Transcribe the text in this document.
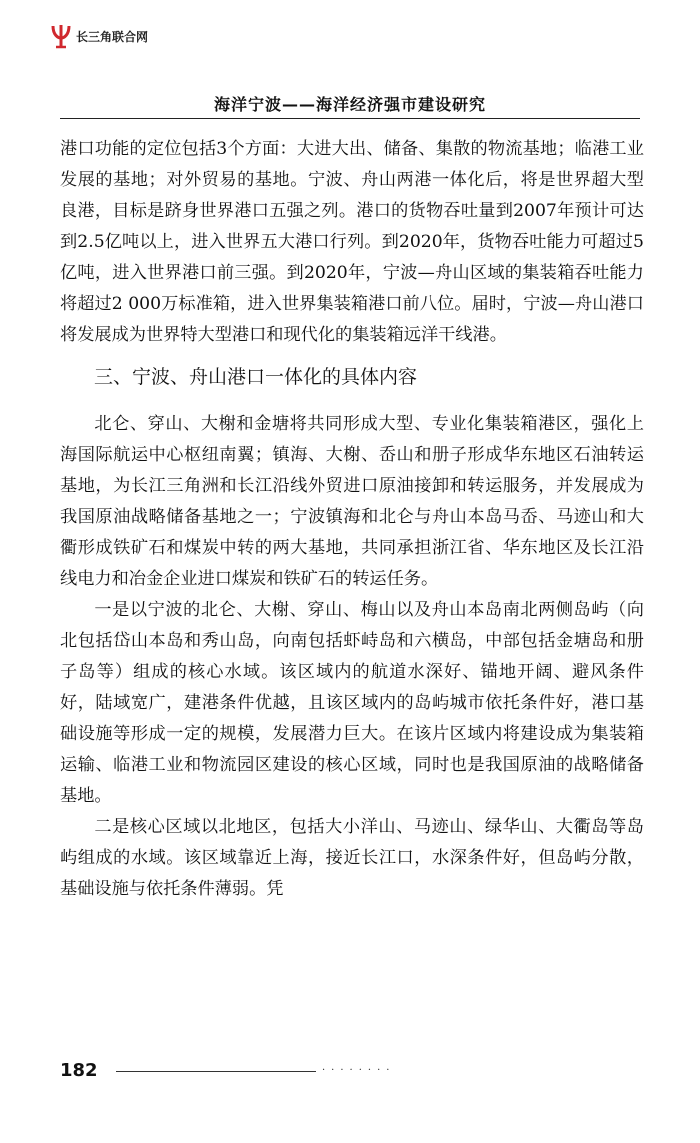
长三角联合网
海洋宁波——海洋经济强市建设研究

港口功能的定位包括3个方面：大进大出、储备、集散的物流基地；临港工业发展的基地；对外贸易的基地。宁波、舟山两港一体化后，将是世界超大型良港，目标是跻身世界港口五强之列。港口的货物吞吐量到2007年预计可达到2.5亿吨以上，进入世界五大港口行列。到2020年，货物吞吐能力可超过5亿吨，进入世界港口前三强。到2020年，宁波—舟山区域的集装箱吞吐能力将超过2 000万标准箱，进入世界集装箱港口前八位。届时，宁波—舟山港口将发展成为世界特大型港口和现代化的集装箱远洋干线港。

三、宁波、舟山港口一体化的具体内容

北仑、穿山、大榭和金塘将共同形成大型、专业化集装箱港区，强化上海国际航运中心枢纽南翼；镇海、大榭、岙山和册子形成华东地区石油转运基地，为长江三角洲和长江沿线外贸进口原油接卸和转运服务，并发展成为我国原油战略储备基地之一；宁波镇海和北仑与舟山本岛马岙、马迹山和大衢形成铁矿石和煤炭中转的两大基地，共同承担浙江省、华东地区及长江沿线电力和冶金企业进口煤炭和铁矿石的转运任务。

一是以宁波的北仑、大榭、穿山、梅山以及舟山本岛南北两侧岛屿（向北包括岱山本岛和秀山岛，向南包括虾峙岛和六横岛，中部包括金塘岛和册子岛等）组成的核心水域。该区域内的航道水深好、锚地开阔、避风条件好，陆域宽广，建港条件优越，且该区域内的岛屿城市依托条件好，港口基础设施等形成一定的规模，发展潜力巨大。在该片区域内将建设成为集装箱运输、临港工业和物流园区建设的核心区域，同时也是我国原油的战略储备基地。

二是核心区域以北地区，包括大小洋山、马迹山、绿华山、大衢岛等岛屿组成的水域。该区域靠近上海，接近长江口，水深条件好，但岛屿分散，基础设施与依托条件薄弱。凭

182	········
